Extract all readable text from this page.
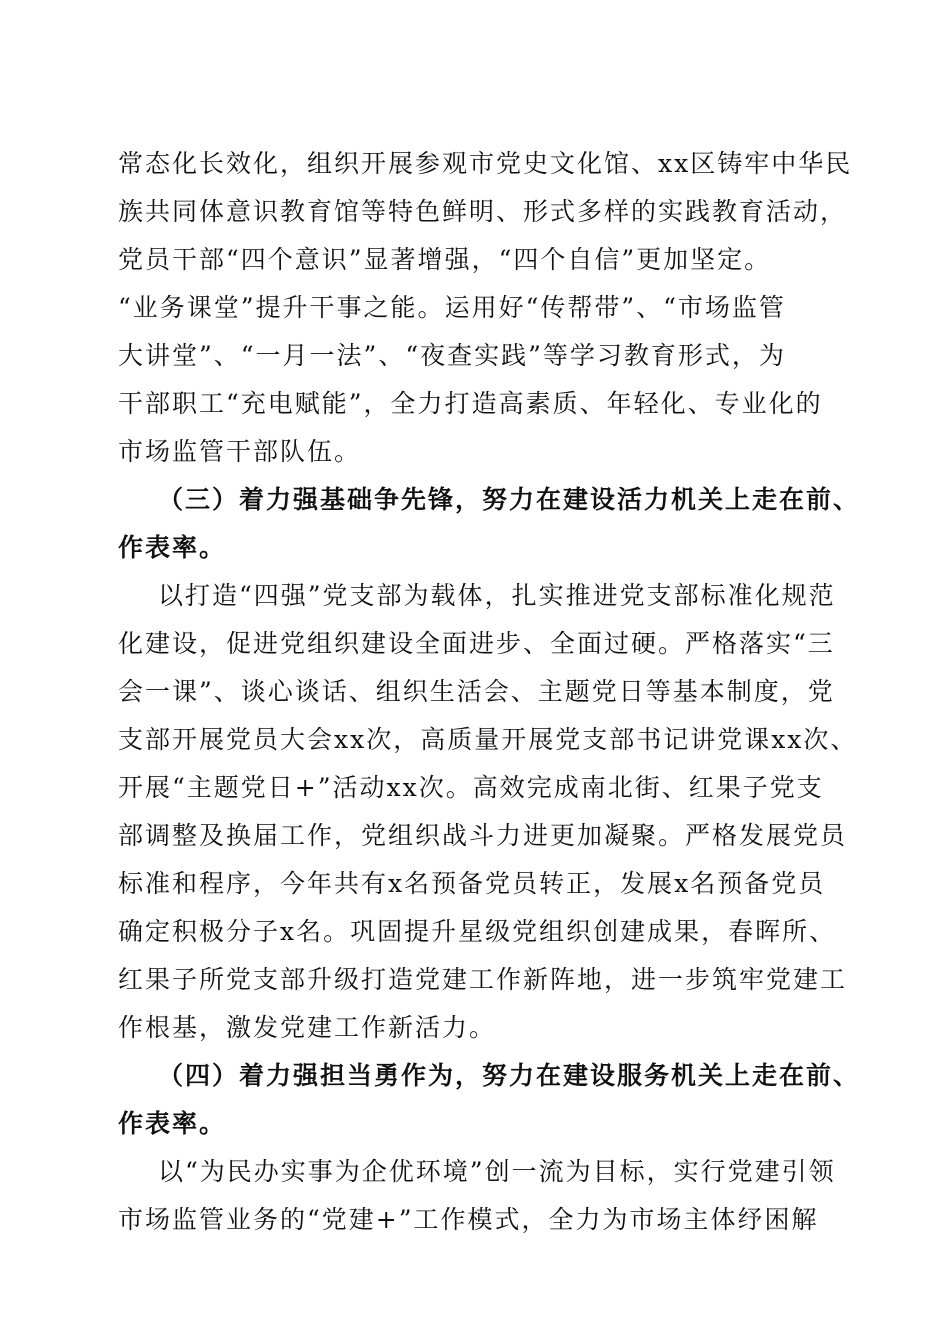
常态化长效化，组织开展参观市党史文化馆、xx区铸牢中华民
族共同体意识教育馆等特色鲜明、形式多样的实践教育活动，
党员干部“四个意识”显著增强，“四个自信”更加坚定。
“业务课堂”提升干事之能。运用好“传帮带”、“市场监管
大讲堂”、“一月一法”、“夜查实践”等学习教育形式，为
干部职工“充电赋能”，全力打造高素质、年轻化、专业化的
市场监管干部队伍。
（三）着力强基础争先锋，努力在建设活力机关上走在前、
作表率。
以打造“四强”党支部为载体，扎实推进党支部标准化规范
化建设，促进党组织建设全面进步、全面过硬。严格落实“三
会一课”、谈心谈话、组织生活会、主题党日等基本制度，党
支部开展党员大会xx次，高质量开展党支部书记讲党课xx次、
开展“主题党日+”活动xx次。高效完成南北街、红果子党支
部调整及换届工作，党组织战斗力进更加凝聚。严格发展党员
标准和程序，今年共有x名预备党员转正，发展x名预备党员
确定积极分子x名。巩固提升星级党组织创建成果，春晖所、
红果子所党支部升级打造党建工作新阵地，进一步筑牢党建工
作根基，激发党建工作新活力。
（四）着力强担当勇作为，努力在建设服务机关上走在前、
作表率。
以“为民办实事为企优环境”创一流为目标，实行党建引领
市场监管业务的“党建+”工作模式，全力为市场主体纾困解
